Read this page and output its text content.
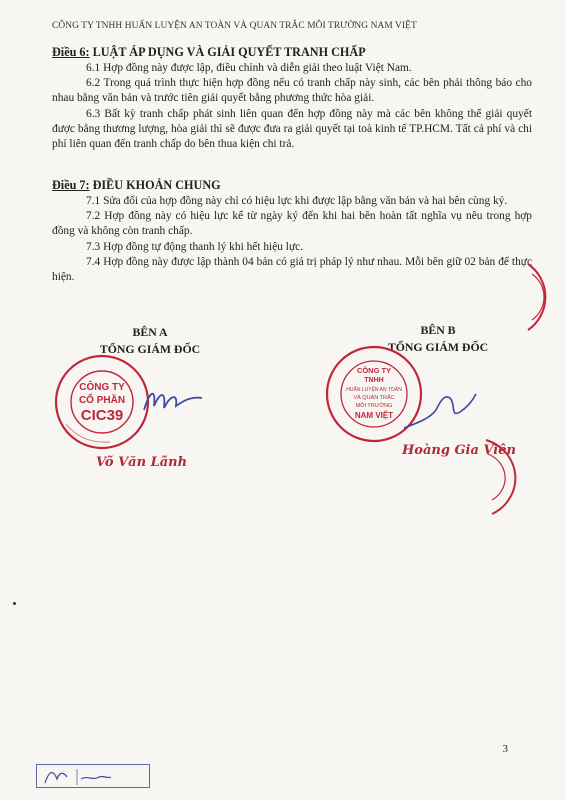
CÔNG TY TNHH HUẤN LUYỆN AN TOÀN VÀ QUAN TRẮC MÔI TRƯỜNG NAM VIỆT

Điều 6: LUẬT ÁP DỤNG VÀ GIẢI QUYẾT TRANH CHẤP

6.1 Hợp đồng này được lập, điều chỉnh và diễn giải theo luật Việt Nam.

6.2 Trong quá trình thực hiện hợp đồng nếu có tranh chấp này sinh, các bên phải thông báo cho nhau bằng văn bản và trước tiên giải quyết bằng phương thức hòa giải.

6.3 Bất kỳ tranh chấp phát sinh liên quan đến hợp đồng này mà các bên không thể giải quyết được bằng thương lượng, hòa giải thì sẽ được đưa ra giải quyết tại toà kinh tế TP.HCM. Tất cả phí và chi phí liên quan đến tranh chấp do bên thua kiện chi trả.

Điều 7: ĐIỀU KHOẢN CHUNG

7.1 Sửa đổi của hợp đồng này chỉ có hiệu lực khi được lập bằng văn bản và hai bên cùng ký.

7.2 Hợp đồng này có hiệu lực kể từ ngày ký đến khi hai bên hoàn tất nghĩa vụ nêu trong hợp đồng và không còn tranh chấp.

7.3 Hợp đồng tự động thanh lý khi hết hiệu lực.

7.4 Hợp đồng này được lập thành 04 bản có giá trị pháp lý như nhau. Mỗi bên giữ 02 bản để thực hiện.

BÊN A
TỔNG GIÁM ĐỐC
CÔNG TY
CỔ PHẦN
CIC39
Võ Văn Lãnh
BÊN B
TỔNG GIÁM ĐỐC
CÔNG TY
TNHH
HUẤN LUYỆN AN TOÀN
VÀ QUAN TRẮC
MÔI TRƯỜNG
NAM VIỆT
Hoàng Gia Viên
3
